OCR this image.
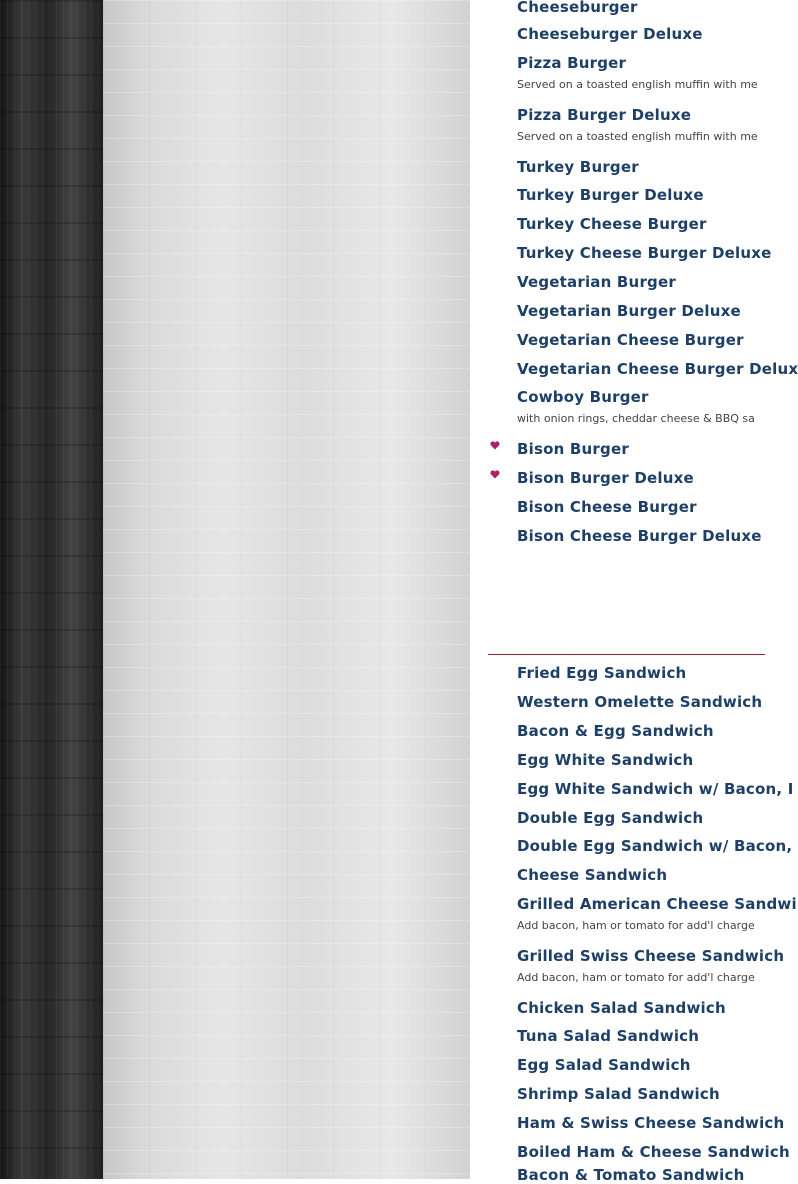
Cheeseburger
Cheeseburger Deluxe
Pizza Burger
Served on a toasted english muffin with me
Pizza Burger Deluxe
Served on a toasted english muffin with me
Turkey Burger
Turkey Burger Deluxe
Turkey Cheese Burger
Turkey Cheese Burger Deluxe
Vegetarian Burger
Vegetarian Burger Deluxe
Vegetarian Cheese Burger
Vegetarian Cheese Burger Delux
Cowboy Burger
with onion rings, cheddar cheese & BBQ sa
Bison Burger
Bison Burger Deluxe
Bison Cheese Burger
Bison Cheese Burger Deluxe
Fried Egg Sandwich
Western Omelette Sandwich
Bacon & Egg Sandwich
Egg White Sandwich
Egg White Sandwich w/ Bacon, I
Double Egg Sandwich
Double Egg Sandwich w/ Bacon,
Cheese Sandwich
Grilled American Cheese Sandwi
Add bacon, ham or tomato for add'l charge
Grilled Swiss Cheese Sandwich
Add bacon, ham or tomato for add'l charge
Chicken Salad Sandwich
Tuna Salad Sandwich
Egg Salad Sandwich
Shrimp Salad Sandwich
Ham & Swiss Cheese Sandwich
Boiled Ham & Cheese Sandwich
Bacon & Tomato Sandwich
